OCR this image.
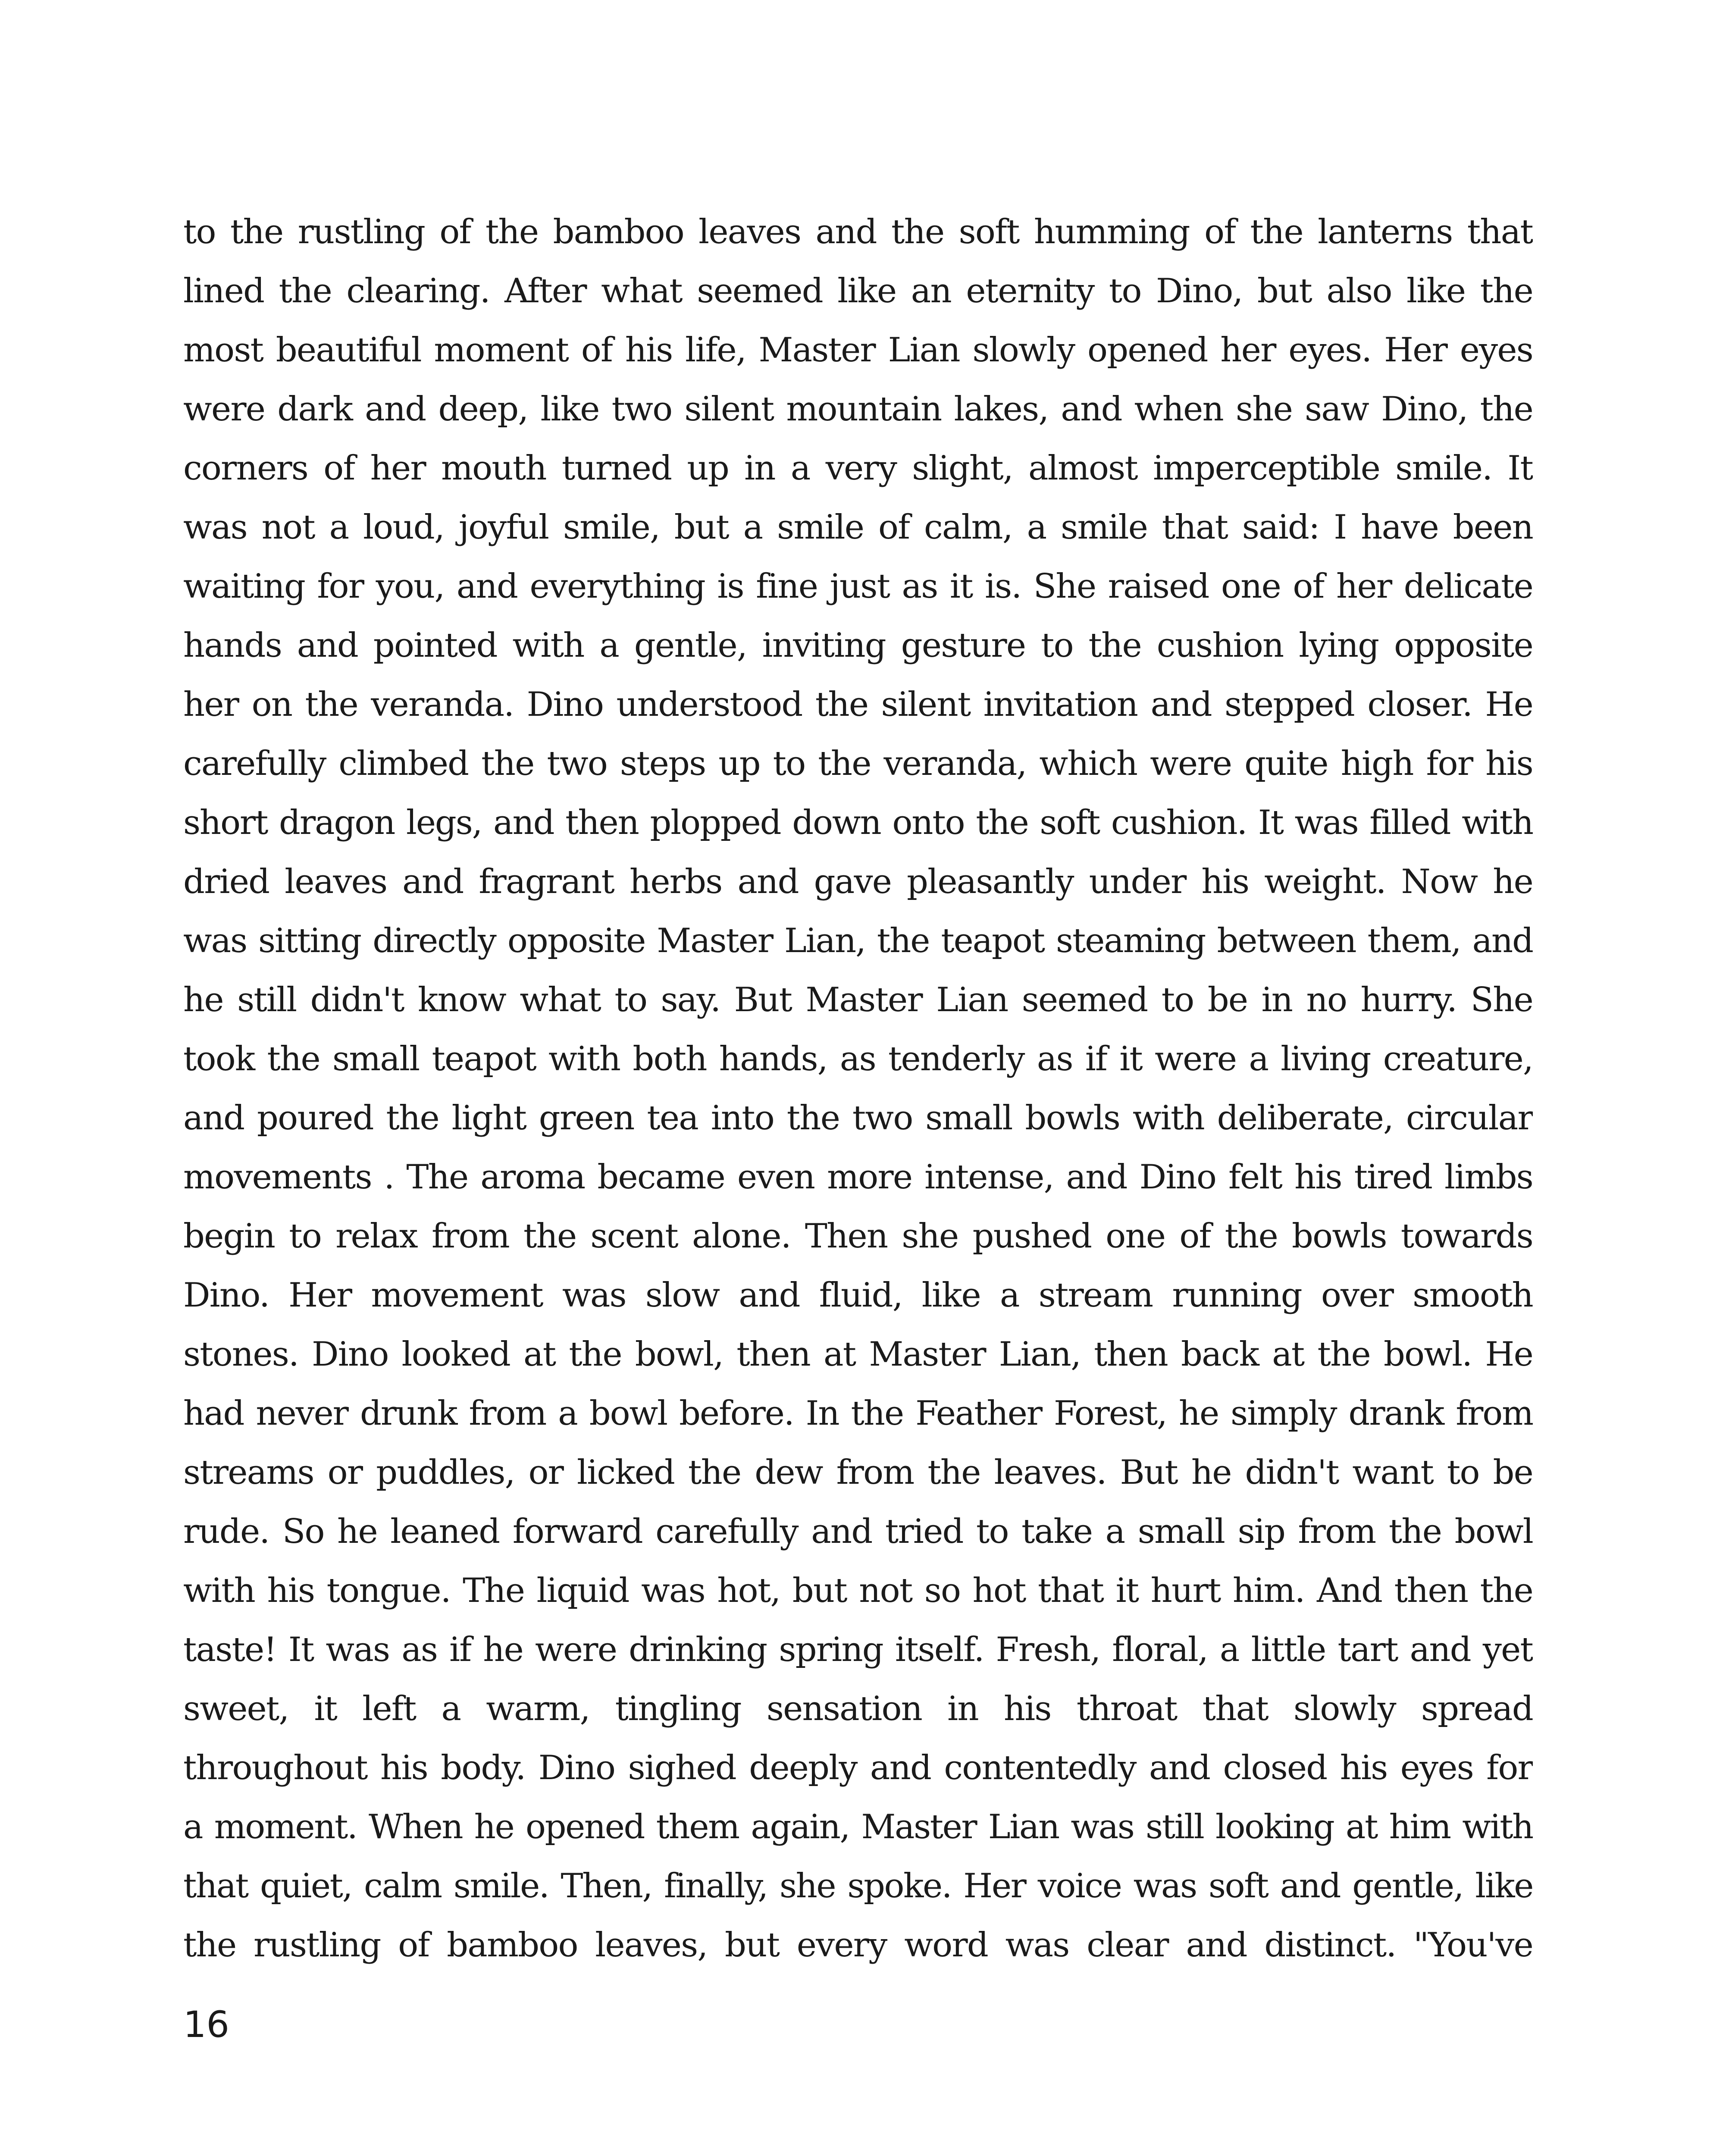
to the rustling of the bamboo leaves and the soft humming of the lanterns that
lined the clearing. After what seemed like an eternity to Dino, but also like the
most beautiful moment of his life, Master Lian slowly opened her eyes. Her eyes
were dark and deep, like two silent mountain lakes, and when she saw Dino, the
corners of her mouth turned up in a very slight, almost imperceptible smile. It
was not a loud, joyful smile, but a smile of calm, a smile that said: I have been
waiting for you, and everything is fine just as it is. She raised one of her delicate
hands and pointed with a gentle, inviting gesture to the cushion lying opposite
her on the veranda. Dino understood the silent invitation and stepped closer. He
carefully climbed the two steps up to the veranda, which were quite high for his
short dragon legs, and then plopped down onto the soft cushion. It was filled with
dried leaves and fragrant herbs and gave pleasantly under his weight. Now he
was sitting directly opposite Master Lian, the teapot steaming between them, and
he still didn't know what to say. But Master Lian seemed to be in no hurry. She
took the small teapot with both hands, as tenderly as if it were a living creature,
and poured the light green tea into the two small bowls with deliberate, circular
movements . The aroma became even more intense, and Dino felt his tired limbs
begin to relax from the scent alone. Then she pushed one of the bowls towards
Dino. Her movement was slow and fluid, like a stream running over smooth
stones. Dino looked at the bowl, then at Master Lian, then back at the bowl. He
had never drunk from a bowl before. In the Feather Forest, he simply drank from
streams or puddles, or licked the dew from the leaves. But he didn't want to be
rude. So he leaned forward carefully and tried to take a small sip from the bowl
with his tongue. The liquid was hot, but not so hot that it hurt him. And then the
taste! It was as if he were drinking spring itself. Fresh, floral, a little tart and yet
sweet, it left a warm, tingling sensation in his throat that slowly spread
throughout his body. Dino sighed deeply and contentedly and closed his eyes for
a moment. When he opened them again, Master Lian was still looking at him with
that quiet, calm smile. Then, finally, she spoke. Her voice was soft and gentle, like
the rustling of bamboo leaves, but every word was clear and distinct. "You've
16
